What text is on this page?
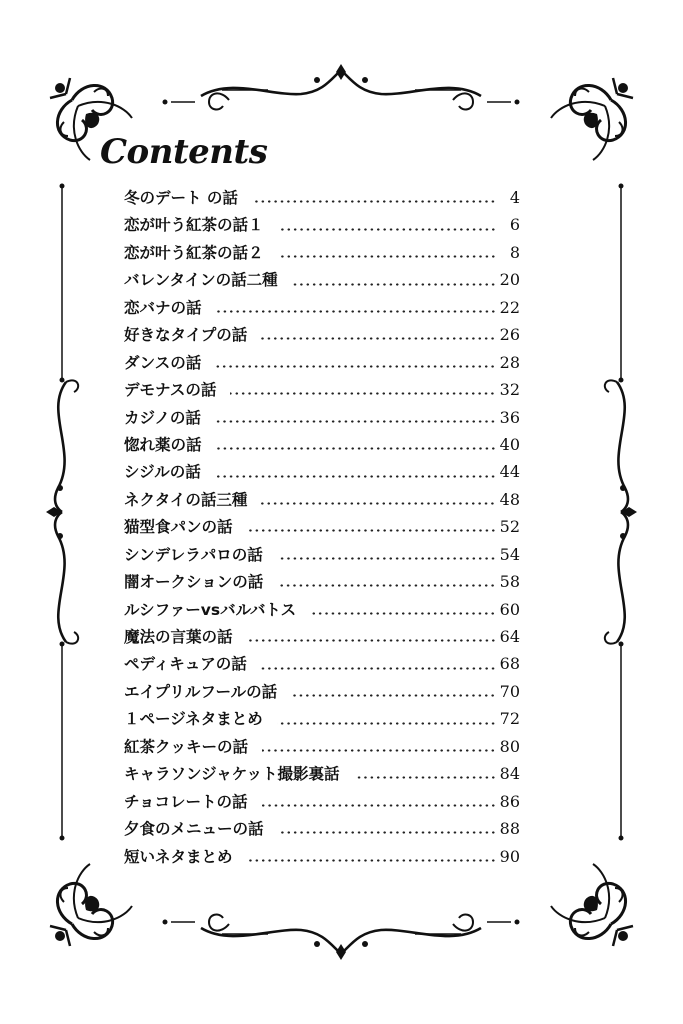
Contents
冬のデート の話	4
恋が叶う紅茶の話１	6
恋が叶う紅茶の話２	8
バレンタインの話二種	20
恋バナの話	22
好きなタイプの話	26
ダンスの話	28
デモナスの話	32
カジノの話	36
惚れ薬の話	40
シジルの話	44
ネクタイの話三種	48
猫型食パンの話	52
シンデレラパロの話	54
闇オークションの話	58
ルシファーvsバルバトス	60
魔法の言葉の話	64
ペディキュアの話	68
エイプリルフールの話	70
１ページネタまとめ	72
紅茶クッキーの話	80
キャラソンジャケット撮影裏話	84
チョコレートの話	86
夕食のメニューの話	88
短いネタまとめ	90
